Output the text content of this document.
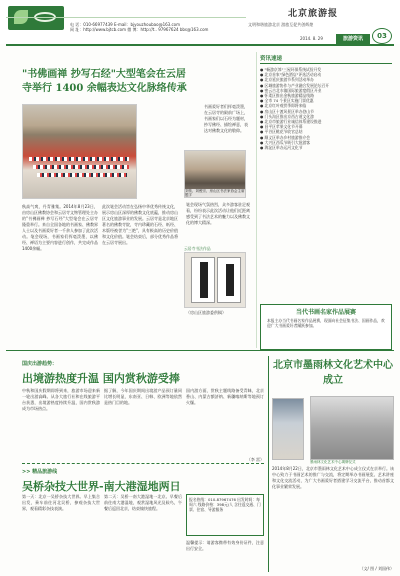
电 话：010-66977439 E-mail：bjyouzhoubao@163.com
网 址：http://www.bjtcb.com 微 博：http://t.. 97967624 bbs@163.com
北京旅游报
文明和谐旅游北京 游旅互促共创辉煌
2014. 8. 29	旅游资讯	03
"书佛画禅 抄写石经"大型笔会在云居
寺举行 1400 余幅表达文化脉络传承
书画爱好者们挥毫泼墨，在云居寺的殿前广场上，书画家们以石经为题材，抄写佛经、描绘禅意，表达对佛教文化的敬仰。
刘传、刘俊宗、房山区书法家协会主席题字
秋高气爽，丹青雅集。2014年8月23日，由房山区佛教协会和云居寺文物管理处主办的"书佛画禅 抄写石经"大型笔会在云居寺隆重举行。来自全国各地的书画家、佛教界人士以及书画爱好者一千余人参加了此次活动。笔会现场，书画家们挥毫泼墨，以佛经、禅语为主要内容进行创作，共完成作品1400余幅。
此次笔会活动旨在弘扬中华优秀传统文化，展示房山区深厚的佛教文化底蕴，推动房山区文化旅游事业的发展。云居寺是北京地区著名的佛教寺院，寺内珍藏的石经、纸经、木版经被誉为"三绝"，具有极高的历史价值和文化价值。笔会结束后，部分优秀作品将在云居寺展出。
笔会现场气氛热烈，众多游客驻足观看，纷纷表示此次活动让他们近距离感受到了书法艺术的魅力以及佛教文化的博大精深。
云居寺书法作品
（房山区旅游委供稿）
资讯速递
● "畅游京郊"三屋环保系统试验开发
● 北京首家"绿色酒店"评选活动启动
● 北京延庆旅游节系列活动举办
● 区域旅游协作与产业融合发展论坛召开
● 密云古北水镇国际旅游度假区开业
● 怀柔区推出金秋旅游精品线路
● 全市 74 个景区实施门票优惠
● 北京红叶观赏季即将来临
● 房山区十渡风景区举办登山节
● 门头沟区推出京西古道文化游
● 北京市旅游行业诚信体系建设推进
● 昌平区苹果文化节开幕
● 平谷区桃花节收官总结
● 顺义区举办乡村旅游推介会
● 大兴区西瓜节吸引大批游客
● 海淀区举办运河文化节
当代书画名家作品展赛
本报主办当代书画名家作品展赛，现面向社会征集书法、国画作品，欢迎广大书画爱好者踊跃参加。
国庆出游趋势：
出境游热度升温 国内赏秋游受捧
中秋和国庆假期即将到来，旅游市场迎来新一轮出游高峰。从各大旅行社和在线旅游平台获悉，出境游热度持续升温，国内赏秋游成为市场热点。
据了解，今年国庆期间出境游产品预订量同比增长明显，东南亚、日韩、欧洲等地依然是热门目的地。
国内游方面，赏秋主题线路备受青睐，北京香山、内蒙古额济纳、新疆喀纳斯等地预订火爆。
（李 雷）
>> 精品旅游线
吴桥杂技大世界-南大港湿地两日
第一天：北京一吴桥杂技大世界。早上集合出发，乘车前往河北吴桥，参观杂技大世界，观看精彩杂技表演。
第二天：吴桥一南大港湿地一北京。早餐后前往南大港湿地，观赏湿地风光及候鸟，午餐后返回北京，结束愉快旅程。
报名热线：010-87967476 出发时间：每周六 线路价格：398元/人 含往返交通、门票、住宿、导游服务
温馨提示：请游客携带有效身份证件，注意出行安全。
北京市墨雨林文化艺术中心成立
墨雨林文化艺术中心揭牌仪式
2014年8月22日，北京市墨雨林文化艺术中心成立仪式在京举行。该中心致力于书画艺术的推广与交流，将定期举办书画展览、艺术讲座和文化交流活动，为广大书画爱好者搭建学习交流平台，推动首都文化事业繁荣发展。
（文/ 图 / 刘国伟）
